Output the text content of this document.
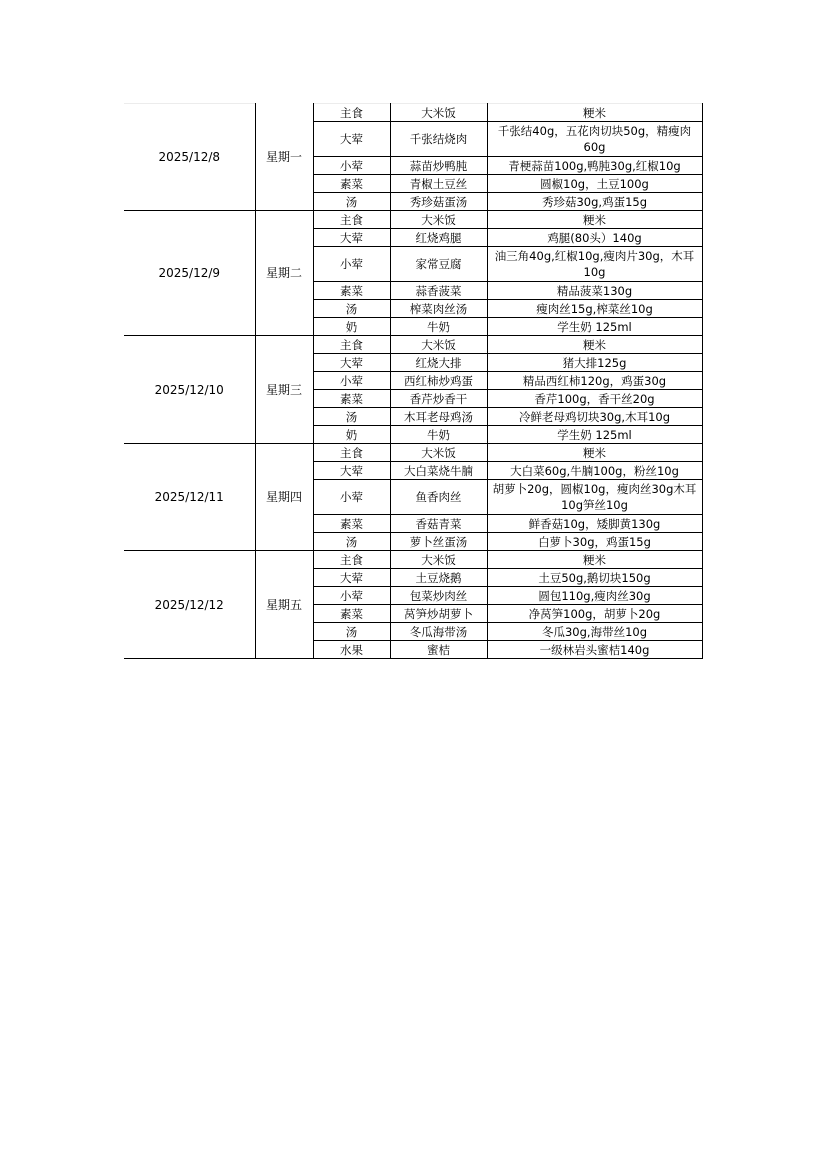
2025/12/8	星期一	主食	大米饭	粳米
		大荤	千张结烧肉	千张结40g，五花肉切块50g，精瘦肉60g
		小荤	蒜苗炒鸭肫	青梗蒜苗100g,鸭肫30g,红椒10g
		素菜	青椒土豆丝	圆椒10g，土豆100g
		汤	秀珍菇蛋汤	秀珍菇30g,鸡蛋15g
2025/12/9	星期二	主食	大米饭	粳米
		大荤	红烧鸡腿	鸡腿(80头）140g
		小荤	家常豆腐	油三角40g,红椒10g,瘦肉片30g，木耳10g
		素菜	蒜香菠菜	精品菠菜130g
		汤	榨菜肉丝汤	瘦肉丝15g,榨菜丝10g
		奶	牛奶	学生奶 125ml
2025/12/10	星期三	主食	大米饭	粳米
		大荤	红烧大排	猪大排125g
		小荤	西红柿炒鸡蛋	精品西红柿120g，鸡蛋30g
		素菜	香芹炒香干	香芹100g，香干丝20g
		汤	木耳老母鸡汤	冷鲜老母鸡切块30g,木耳10g
		奶	牛奶	学生奶 125ml
2025/12/11	星期四	主食	大米饭	粳米
		大荤	大白菜烧牛腩	大白菜60g,牛腩100g，粉丝10g
		小荤	鱼香肉丝	胡萝卜20g，圆椒10g，瘦肉丝30g木耳10g笋丝10g
		素菜	香菇青菜	鲜香菇10g，矮脚黄130g
		汤	萝卜丝蛋汤	白萝卜30g，鸡蛋15g
2025/12/12	星期五	主食	大米饭	粳米
		大荤	土豆烧鹅	土豆50g,鹅切块150g
		小荤	包菜炒肉丝	圆包110g,瘦肉丝30g
		素菜	莴笋炒胡萝卜	净莴笋100g，胡萝卜20g
		汤	冬瓜海带汤	冬瓜30g,海带丝10g
		水果	蜜桔	一级林岩头蜜桔140g
